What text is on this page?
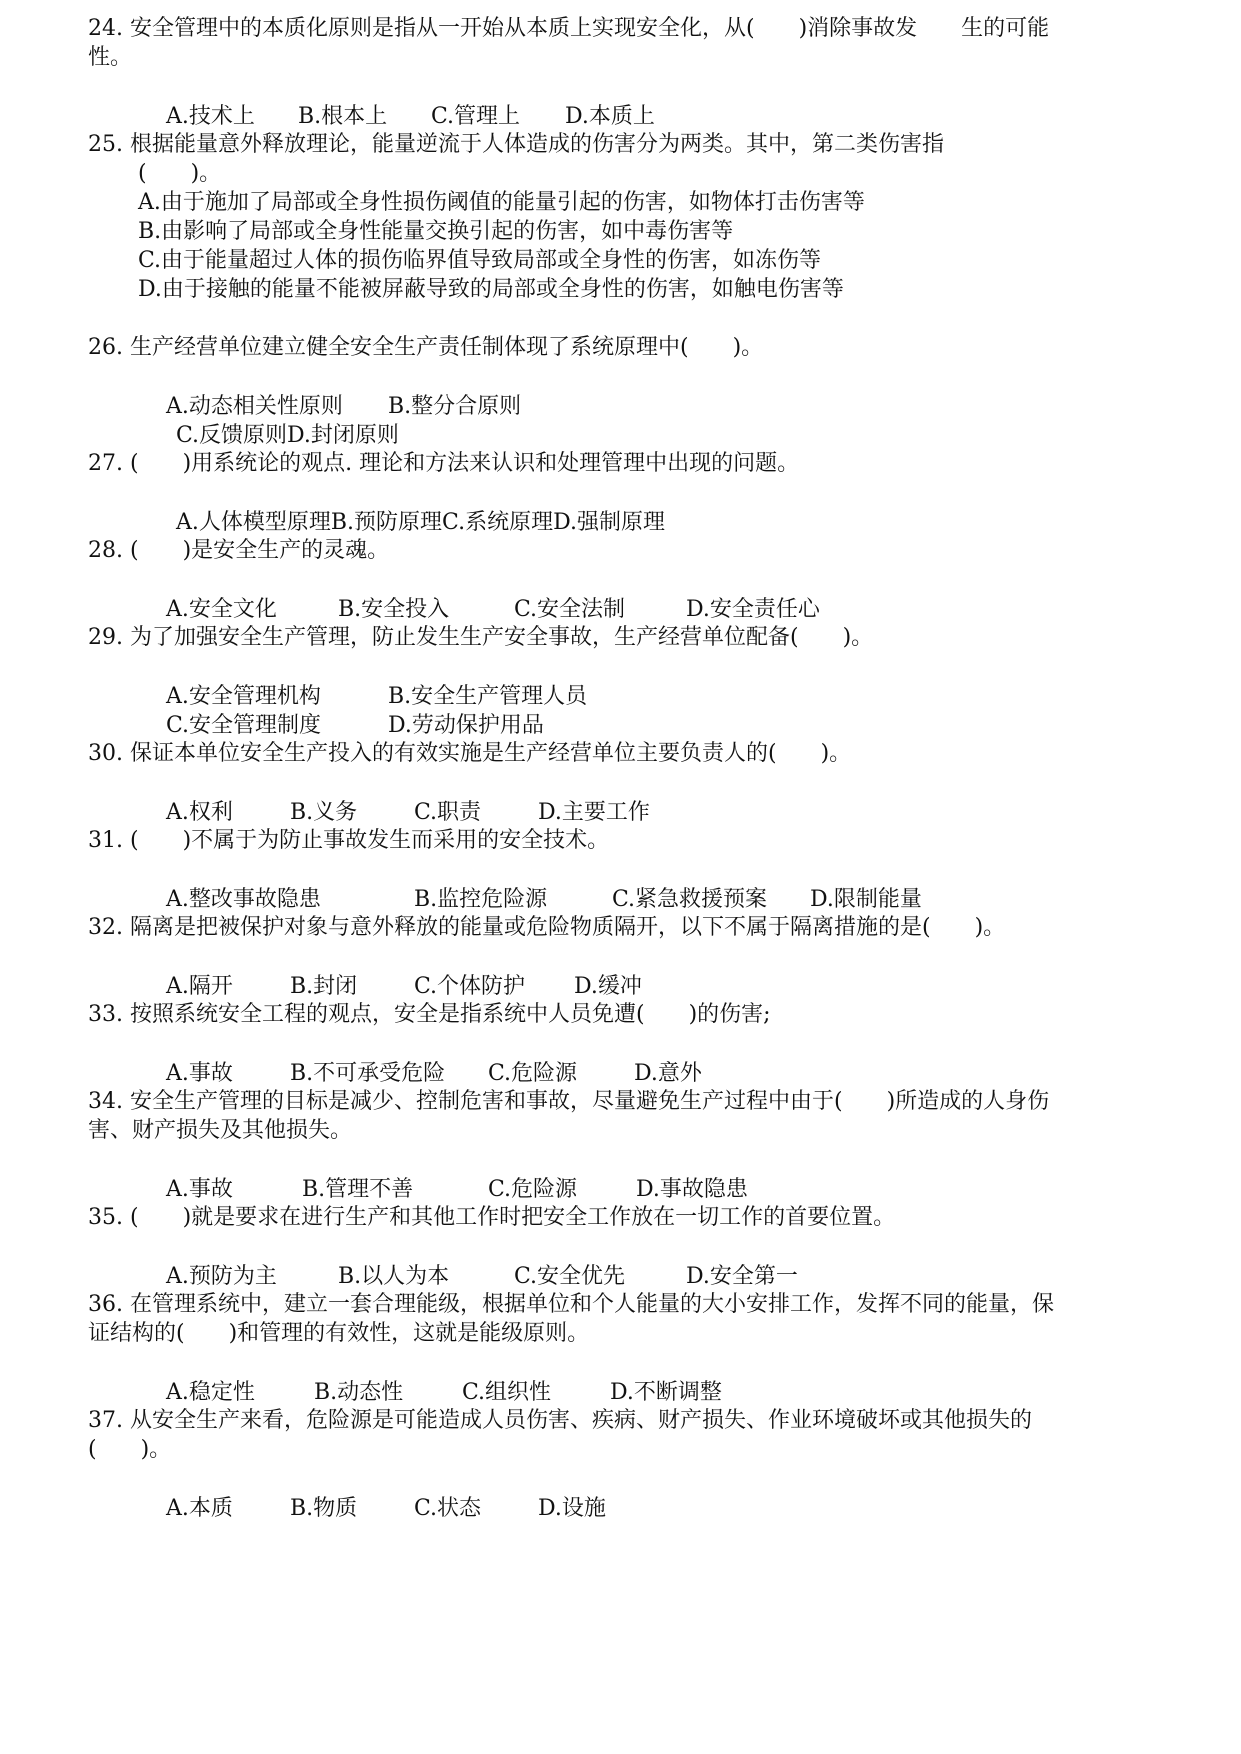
24. 安全管理中的本质化原则是指从一开始从本质上实现安全化，从(　　)消除事故发　　生的可能
性。

A.技术上 B.根本上 C.管理上 D.本质上

25. 根据能量意外释放理论，能量逆流于人体造成的伤害分为两类。其中，第二类伤害指
(　　)。
A.由于施加了局部或全身性损伤阈值的能量引起的伤害，如物体打击伤害等
B.由影响了局部或全身性能量交换引起的伤害，如中毒伤害等
C.由于能量超过人体的损伤临界值导致局部或全身性的伤害，如冻伤等
D.由于接触的能量不能被屏蔽导致的局部或全身性的伤害，如触电伤害等
26. 生产经营单位建立健全安全生产责任制体现了系统原理中(　　)。

A.动态相关性原则 B.整分合原则

C.反馈原则D.封闭原则

27. (　　)用系统论的观点. 理论和方法来认识和处理管理中出现的问题。

A.人体模型原理B.预防原理C.系统原理D.强制原理

28. (　　)是安全生产的灵魂。

A.安全文化	B.安全投入	C.安全法制	D.安全责任心

29. 为了加强安全生产管理，防止发生生产安全事故，生产经营单位配备(　　)。

A.安全管理机构	B.安全生产管理人员

C.安全管理制度	D.劳动保护用品

30. 保证本单位安全生产投入的有效实施是生产经营单位主要负责人的(　　)。

A.权利	B.义务	C.职责	D.主要工作

31. (　　)不属于为防止事故发生而采用的安全技术。

A.整改事故隐患	B.监控危险源	C.紧急救援预案 D.限制能量

32. 隔离是把被保护对象与意外释放的能量或危险物质隔开，以下不属于隔离措施的是(　　)。

A.隔开	B.封闭	C.个体防护 D.缓冲

33. 按照系统安全工程的观点，安全是指系统中人员免遭(　　)的伤害;

A.事故	B.不可承受危险 C.危险源	D.意外

34. 安全生产管理的目标是减少、控制危害和事故，尽量避免生产过程中由于(　　)所造成的人身伤
害、财产损失及其他损失。

A.事故	B.管理不善	C.危险源	D.事故隐患

35. (　　)就是要求在进行生产和其他工作时把安全工作放在一切工作的首要位置。

A.预防为主	B.以人为本	C.安全优先	D.安全第一

36. 在管理系统中，建立一套合理能级，根据单位和个人能量的大小安排工作，发挥不同的能量，保
证结构的(　　)和管理的有效性，这就是能级原则。

A.稳定性	B.动态性	C.组织性	D.不断调整

37. 从安全生产来看，危险源是可能造成人员伤害、疾病、财产损失、作业环境破坏或其他损失的
(　　)。

A.本质	B.物质	C.状态	D.设施
